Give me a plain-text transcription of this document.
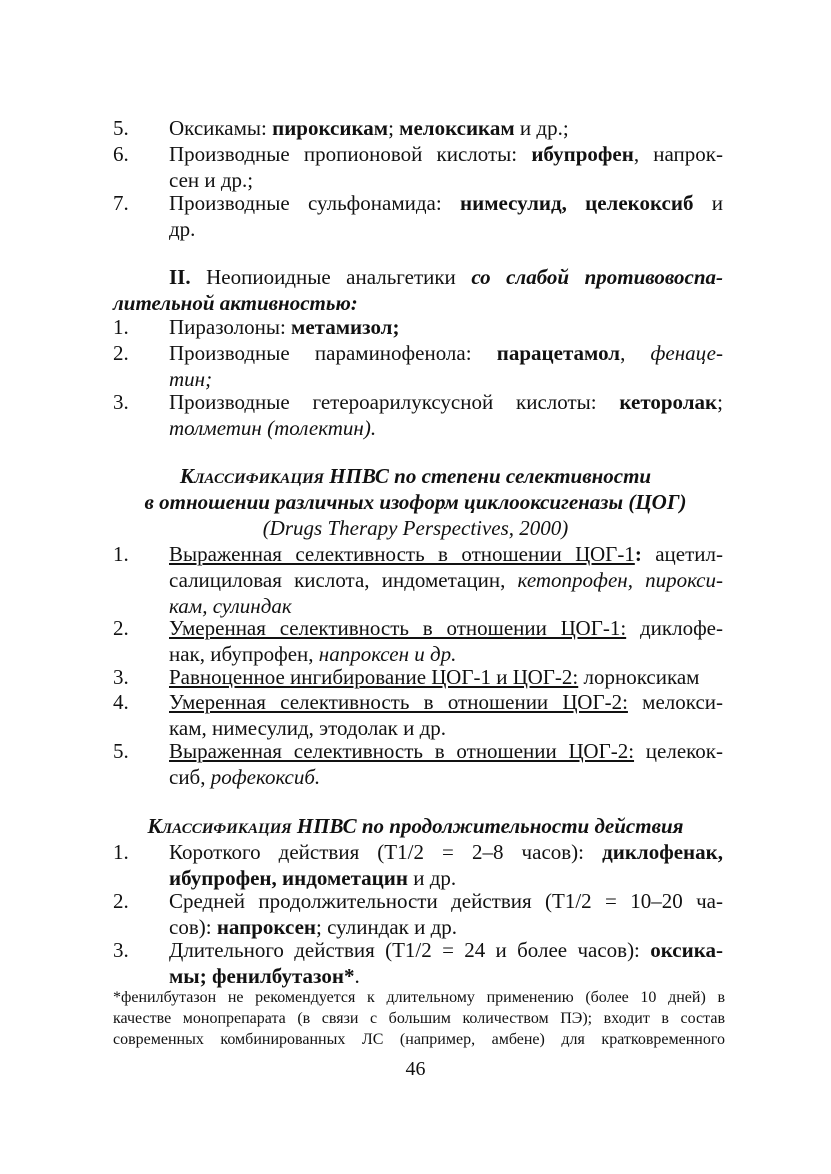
5.	Оксикамы: пироксикам; мелоксикам и др.;
6.	Производные пропионовой кислоты: ибупрофен, напрок-
сен и др.;
7.	Производные сульфонамида: нимесулид, целекоксиб и
др.
II. Неопиоидные анальгетики со слабой противовоспа-
лительной активностью:
1.	Пиразолоны: метамизол;
2.	Производные параминофенола: парацетамол, фенаце-
тин;
3.	Производные гетероарилуксусной кислоты: кеторолак;
толметин (толектин).
Классификация НПВС по степени селективности
в отношении различных изоформ циклооксигеназы (ЦОГ)
(Drugs Therapy Perspectives, 2000)
1.	Выраженная селективность в отношении ЦОГ-1: ацетил-
салициловая кислота, индометацин, кетопрофен, пирокси-
кам, сулиндак
2.	Умеренная селективность в отношении ЦОГ-1: диклофе-
нак, ибупрофен, напроксен и др.
3.	Равноценное ингибирование ЦОГ-1 и ЦОГ-2: лорноксикам
4.	Умеренная селективность в отношении ЦОГ-2: мелокси-
кам, нимесулид, этодолак и др.
5.	Выраженная селективность в отношении ЦОГ-2: целекок-
сиб, рофекоксиб.
Классификация НПВС по продолжительности действия
1.	Короткого действия (Т1/2 = 2–8 часов): диклофенак,
ибупрофен, индометацин и др.
2.	Средней продолжительности действия (Т1/2 = 10–20 ча-
сов): напроксен; сулиндак и др.
3.	Длительного действия (Т1/2 = 24 и более часов): оксика-
мы; фенилбутазон*.
*фенилбутазон не рекомендуется к длительному применению (более 10 дней) в
качестве монопрепарата (в связи с большим количеством ПЭ); входит в состав
современных комбинированных ЛС (например, амбене) для кратковременного
46
